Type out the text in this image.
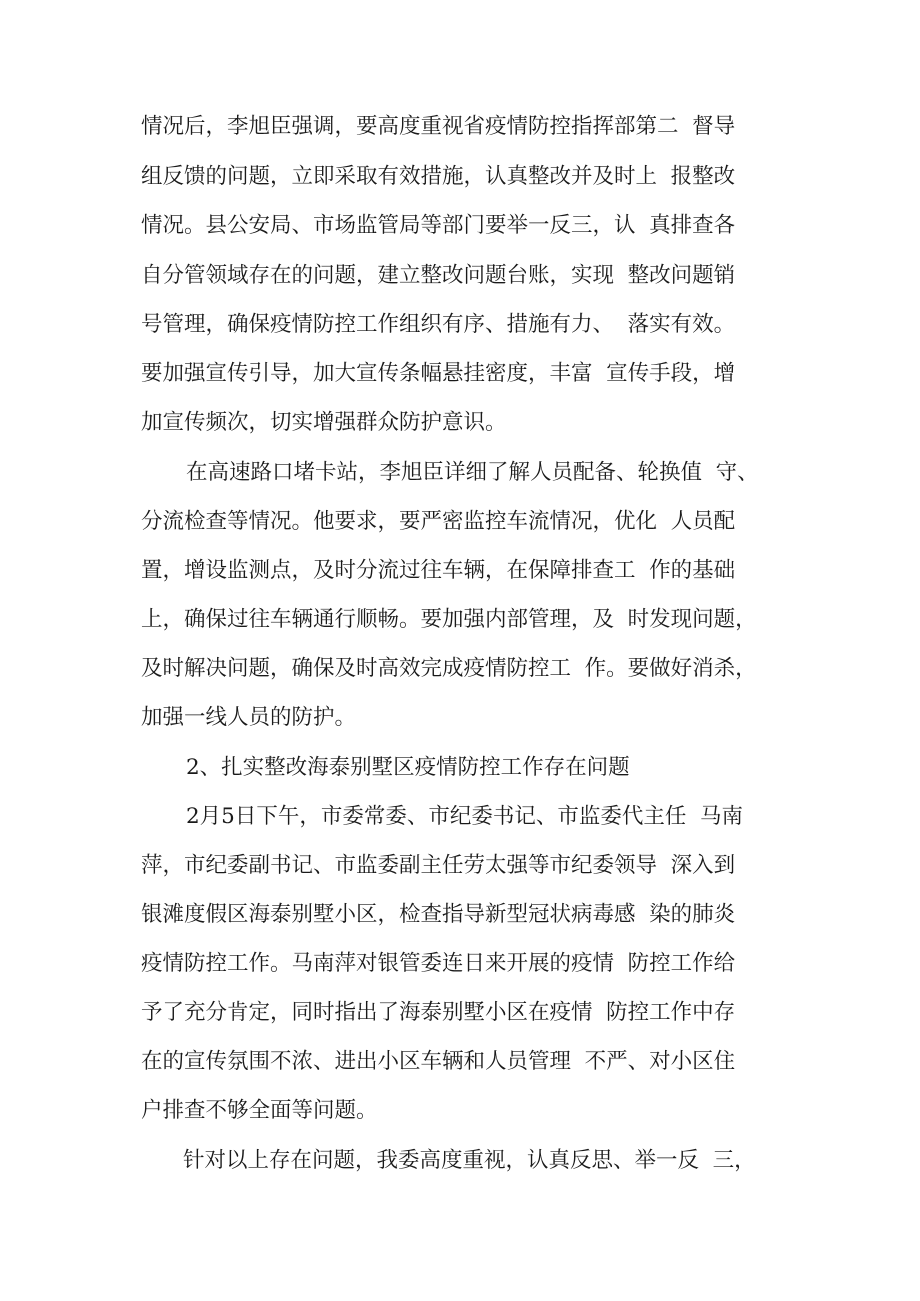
情况后，李旭臣强调，要高度重视省疫情防控指挥部第二  督导
组反馈的问题，立即采取有效措施，认真整改并及时上  报整改
情况。县公安局、市场监管局等部门要举一反三，认  真排查各
自分管领域存在的问题，建立整改问题台账，实现  整改问题销
号管理，确保疫情防控工作组织有序、措施有力、  落实有效。
要加强宣传引导，加大宣传条幅悬挂密度，丰富  宣传手段，增
加宣传频次，切实增强群众防护意识。
在高速路口堵卡站，李旭臣详细了解人员配备、轮换值  守、
分流检查等情况。他要求，要严密监控车流情况，优化  人员配
置，增设监测点，及时分流过往车辆，在保障排查工  作的基础
上，确保过往车辆通行顺畅。要加强内部管理，及  时发现问题，
及时解决问题，确保及时高效完成疫情防控工  作。要做好消杀，
加强一线人员的防护。
2、扎实整改海泰别墅区疫情防控工作存在问题
2月5日下午，市委常委、市纪委书记、市监委代主任  马南
萍，市纪委副书记、市监委副主任劳太强等市纪委领导  深入到
银滩度假区海泰别墅小区，检查指导新型冠状病毒感  染的肺炎
疫情防控工作。马南萍对银管委连日来开展的疫情  防控工作给
予了充分肯定，同时指出了海泰别墅小区在疫情  防控工作中存
在的宣传氛围不浓、进出小区车辆和人员管理  不严、对小区住
户排查不够全面等问题。
针对以上存在问题，我委高度重视，认真反思、举一反  三，
